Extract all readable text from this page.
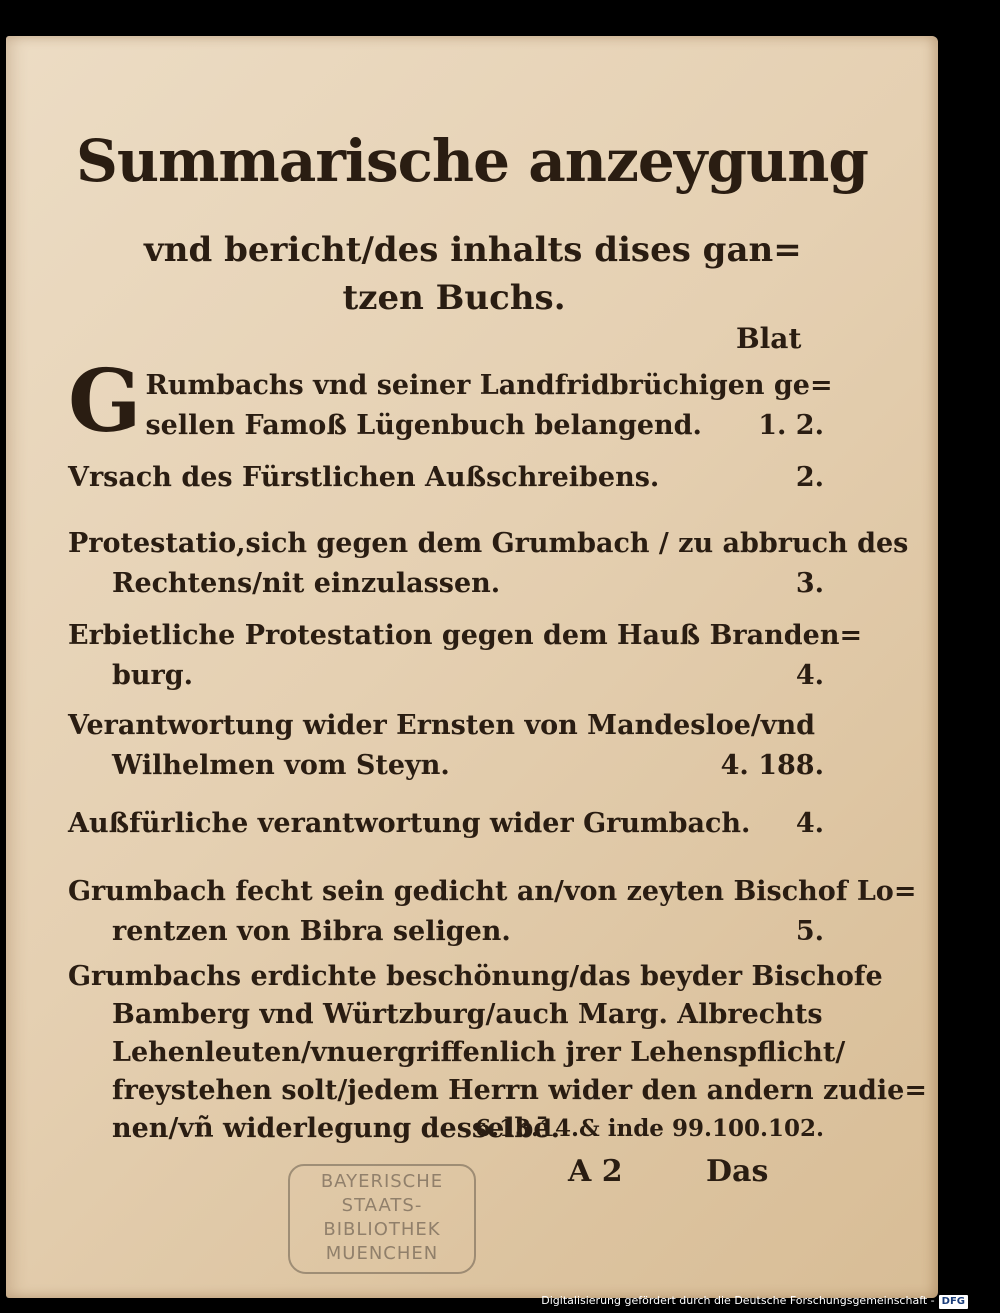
Summarische anzeygung
vnd bericht/des inhalts dises gan=
tzen Buchs.
Blat
G Rumbachs vnd seiner Landfridbrüchigen ge=
sellen Famoß Lügenbuch belangend.	1. 2.
Vrsach des Fürstlichen Außschreibens.	2.
Protestatio,sich gegen dem Grumbach / zu abbruch des
Rechtens/nit einzulassen.	3.
Erbietliche Protestation gegen dem Hauß Branden=
burg.	4.
Verantwortung wider Ernsten von Mandesloe/vnd
Wilhelmen vom Steyn.	4. 188.
Außfürliche verantwortung wider Grumbach.	4.
Grumbach fecht sein gedicht an/von zeyten Bischof Lo=
rentzen von Bibra seligen.	5.
Grumbachs erdichte beschönung/das beyder Bischofe
Bamberg vnd Würtzburg/auch Marg. Albrechts
Lehenleuten/vnuergriffenlich jrer Lehenspflicht/
freystehen solt/jedem Herrn wider den andern zudie=
nen/vñ widerlegung desselbē.
6.13.14.& inde 99.100.102.
A 2	Das
BAYERISCHE
STAATS-
BIBLIOTHEK
MUENCHEN
Digitalisierung gefördert durch die Deutsche Forschungsgemeinschaft - DFG
